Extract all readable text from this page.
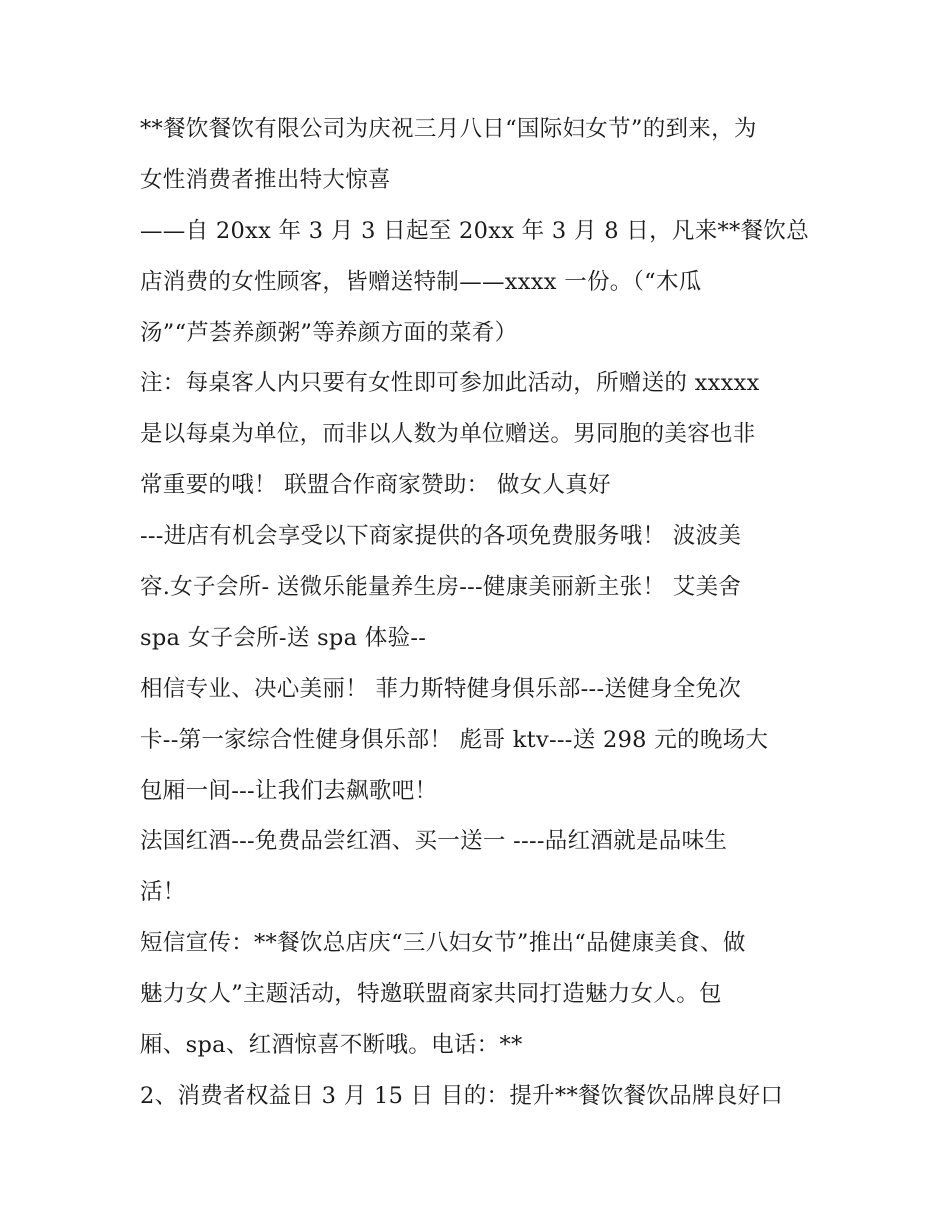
**餐饮餐饮有限公司为庆祝三月八日“国际妇女节”的到来，为
女性消费者推出特大惊喜
——自 20xx 年 3 月 3 日起至 20xx 年 3 月 8 日，凡来**餐饮总
店消费的女性顾客，皆赠送特制——xxxx 一份。（“木瓜
汤”“芦荟养颜粥”等养颜方面的菜肴）
注：每桌客人内只要有女性即可参加此活动，所赠送的 xxxxx
是以每桌为单位，而非以人数为单位赠送。男同胞的美容也非
常重要的哦！ 联盟合作商家赞助： 做女人真好
---进店有机会享受以下商家提供的各项免费服务哦！ 波波美
容.女子会所- 送微乐能量养生房---健康美丽新主张！ 艾美舍
spa 女子会所-送 spa 体验--
相信专业、决心美丽！ 菲力斯特健身俱乐部---送健身全免次
卡--第一家综合性健身俱乐部！ 彪哥 ktv---送 298 元的晚场大
包厢一间---让我们去飙歌吧！
法国红酒---免费品尝红酒、买一送一 ----品红酒就是品味生
活！
短信宣传：**餐饮总店庆“三八妇女节”推出“品健康美食、做
魅力女人”主题活动，特邀联盟商家共同打造魅力女人。包
厢、spa、红酒惊喜不断哦。电话：**
2、消费者权益日 3 月 15 日 目的：提升**餐饮餐饮品牌良好口
